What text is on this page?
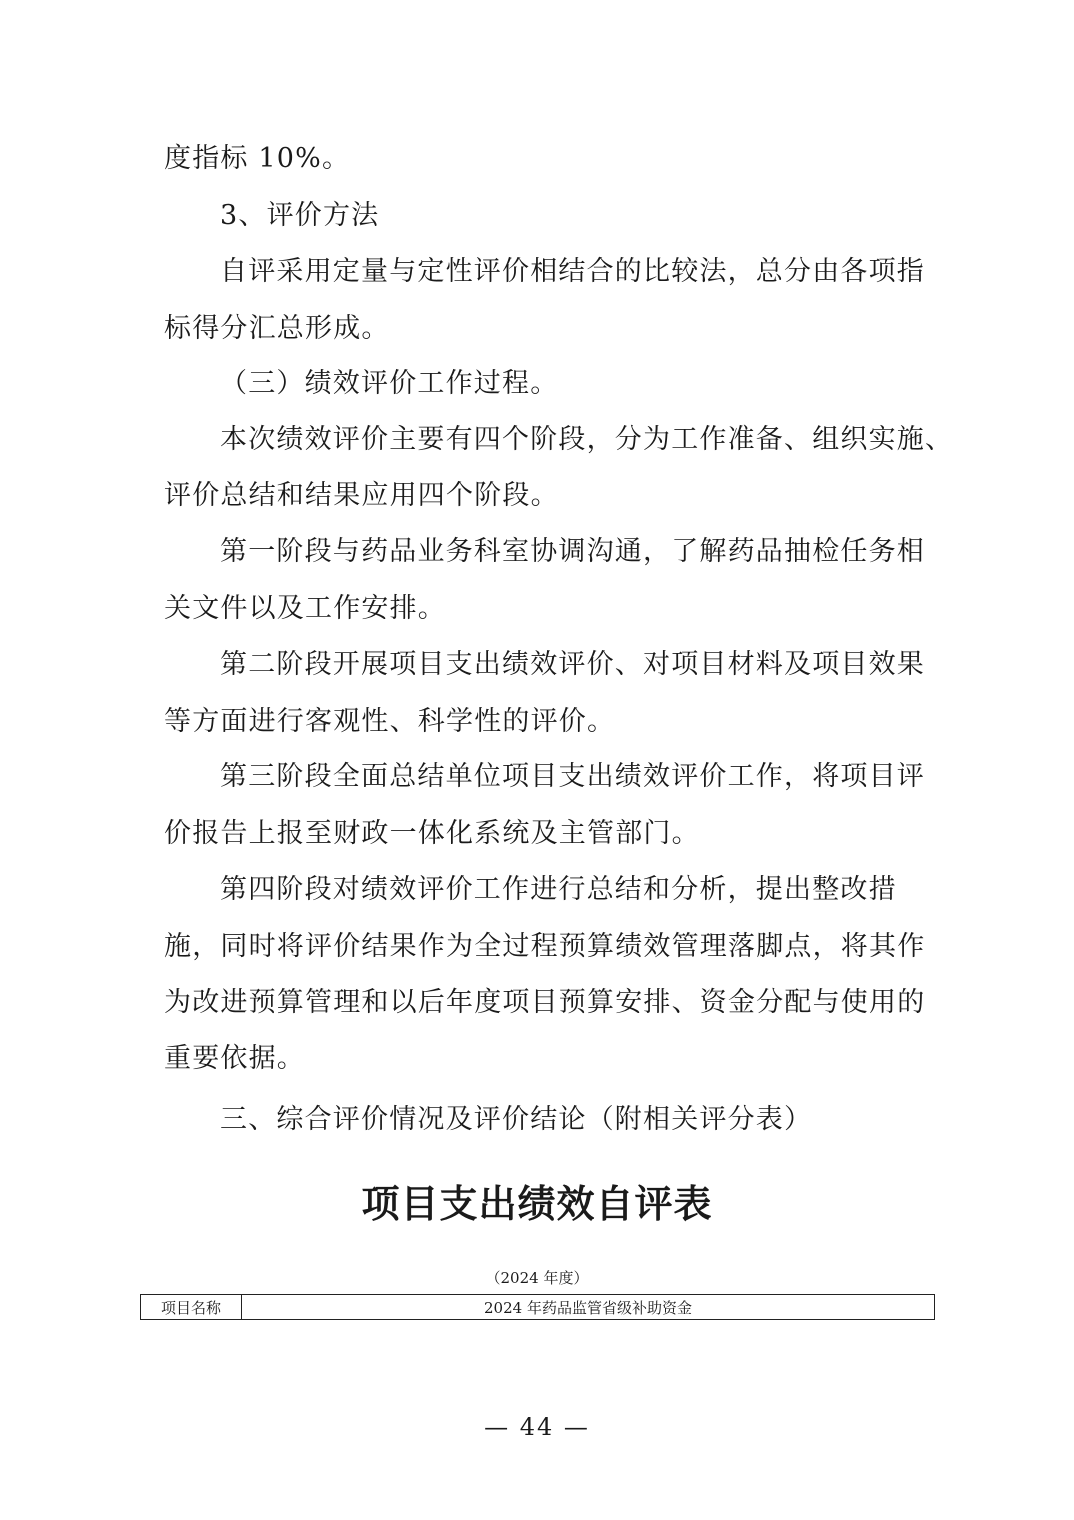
度指标 10%。
3、评价方法
自评采用定量与定性评价相结合的比较法，总分由各项指
标得分汇总形成。
（三）绩效评价工作过程。
本次绩效评价主要有四个阶段，分为工作准备、组织实施、
评价总结和结果应用四个阶段。
第一阶段与药品业务科室协调沟通，了解药品抽检任务相
关文件以及工作安排。
第二阶段开展项目支出绩效评价、对项目材料及项目效果
等方面进行客观性、科学性的评价。
第三阶段全面总结单位项目支出绩效评价工作，将项目评
价报告上报至财政一体化系统及主管部门。
第四阶段对绩效评价工作进行总结和分析，提出整改措
施，同时将评价结果作为全过程预算绩效管理落脚点，将其作
为改进预算管理和以后年度项目预算安排、资金分配与使用的
重要依据。
三、综合评价情况及评价结论（附相关评分表）
项目支出绩效自评表
（2024 年度）
项目名称	2024 年药品监管省级补助资金
— 44 —
